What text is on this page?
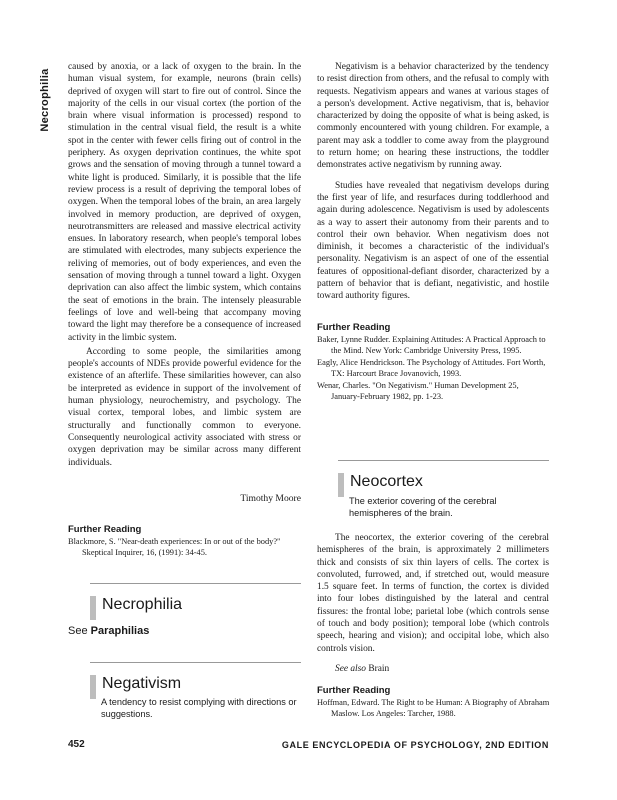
Necrophilia

caused by anoxia, or a lack of oxygen to the brain. In the human visual system, for example, neurons (brain cells) deprived of oxygen will start to fire out of control. Since the majority of the cells in our visual cortex (the portion of the brain where visual information is processed) respond to stimulation in the central visual field, the result is a white spot in the center with fewer cells firing out of control in the periphery. As oxygen deprivation continues, the white spot grows and the sensation of moving through a tunnel toward a white light is produced. Similarly, it is possible that the life review process is a result of depriving the temporal lobes of oxygen. When the temporal lobes of the brain, an area largely involved in memory production, are deprived of oxygen, neurotransmitters are released and massive electrical activity ensues. In laboratory research, when people's temporal lobes are stimulated with electrodes, many subjects experience the reliving of memories, out of body experiences, and even the sensation of moving through a tunnel toward a light. Oxygen deprivation can also affect the limbic system, which contains the seat of emotions in the brain. The intensely pleasurable feelings of love and well-being that accompany moving toward the light may therefore be a consequence of increased activity in the limbic system.

According to some people, the similarities among people's accounts of NDEs provide powerful evidence for the existence of an afterlife. These similarities however, can also be interpreted as evidence in support of the involvement of human physiology, neurochemistry, and psychology. The visual cortex, temporal lobes, and limbic system are structurally and functionally common to everyone. Consequently neurological activity associated with stress or oxygen deprivation may be similar across many different individuals.

Timothy Moore
Further Reading
Blackmore, S. "Near-death experiences: In or out of the body?" Skeptical Inquirer, 16, (1991): 34-45.
Necrophilia
See Paraphilias
Negativism
A tendency to resist complying with directions or suggestions.

Negativism is a behavior characterized by the tendency to resist direction from others, and the refusal to comply with requests. Negativism appears and wanes at various stages of a person's development. Active negativism, that is, behavior characterized by doing the opposite of what is being asked, is commonly encountered with young children. For example, a parent may ask a toddler to come away from the playground to return home; on hearing these instructions, the toddler demonstrates active negativism by running away.

Studies have revealed that negativism develops during the first year of life, and resurfaces during toddlerhood and again during adolescence. Negativism is used by adolescents as a way to assert their autonomy from their parents and to control their own behavior. When negativism does not diminish, it becomes a characteristic of the individual's personality. Negativism is an aspect of one of the essential features of oppositional-defiant disorder, characterized by a pattern of behavior that is defiant, negativistic, and hostile toward authority figures.

Further Reading
Baker, Lynne Rudder. Explaining Attitudes: A Practical Approach to the Mind. New York: Cambridge University Press, 1995.
Eagly, Alice Hendrickson. The Psychology of Attitudes. Fort Worth, TX: Harcourt Brace Jovanovich, 1993.
Wenar, Charles. "On Negativism." Human Development 25, January-February 1982, pp. 1-23.
Neocortex
The exterior covering of the cerebral hemispheres of the brain.

The neocortex, the exterior covering of the cerebral hemispheres of the brain, is approximately 2 millimeters thick and consists of six thin layers of cells. The cortex is convoluted, furrowed, and, if stretched out, would measure 1.5 square feet. In terms of function, the cortex is divided into four lobes distinguished by the lateral and central fissures: the frontal lobe; parietal lobe (which controls sense of touch and body position); temporal lobe (which controls speech, hearing and vision); and occipital lobe, which also controls vision.

See also Brain

Further Reading
Hoffman, Edward. The Right to be Human: A Biography of Abraham Maslow. Los Angeles: Tarcher, 1988.
452	GALE ENCYCLOPEDIA OF PSYCHOLOGY, 2ND EDITION
